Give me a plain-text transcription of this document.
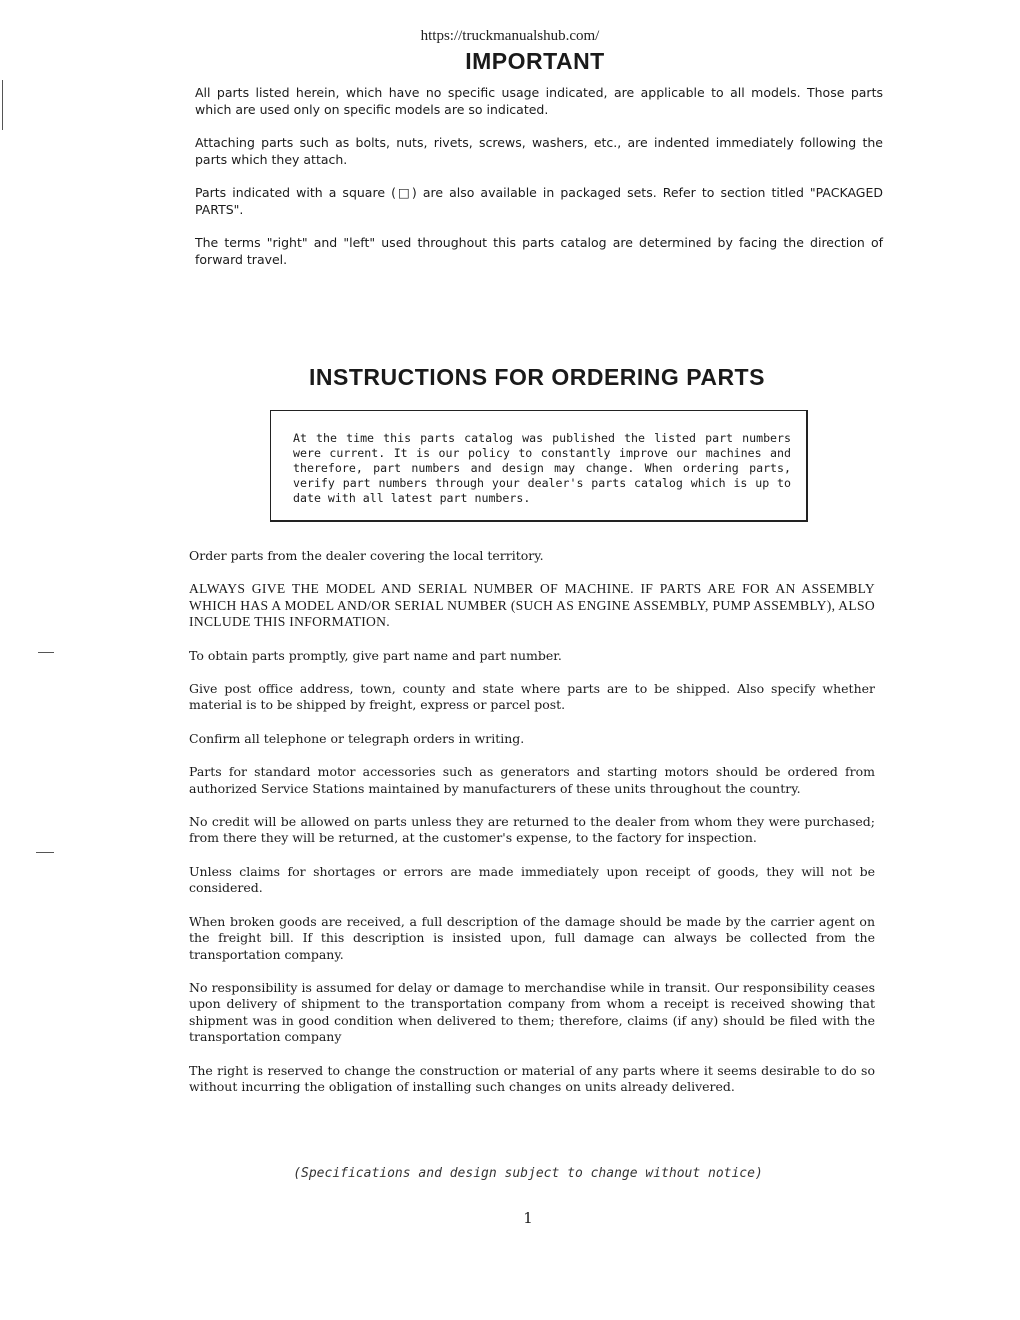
https://truckmanualshub.com/
IMPORTANT

All parts listed herein, which have no specific usage indicated, are applicable to all models. Those parts which are used only on specific models are so indicated.

Attaching parts such as bolts, nuts, rivets, screws, washers, etc., are indented immediately following the parts which they attach.

Parts indicated with a square (□) are also available in packaged sets. Refer to section titled "PACKAGED PARTS".

The terms "right" and "left" used throughout this parts catalog are determined by facing the direction of forward travel.

INSTRUCTIONS FOR ORDERING PARTS

At the time this parts catalog was published the listed part numbers were current. It is our policy to constantly improve our machines and therefore, part numbers and design may change. When ordering parts, verify part numbers through your dealer's parts catalog which is up to date with all latest part numbers.

Order parts from the dealer covering the local territory.

ALWAYS GIVE THE MODEL AND SERIAL NUMBER OF MACHINE. IF PARTS ARE FOR AN ASSEMBLY WHICH HAS A MODEL AND/OR SERIAL NUMBER (SUCH AS ENGINE ASSEMBLY, PUMP ASSEMBLY), ALSO INCLUDE THIS INFORMATION.

To obtain parts promptly, give part name and part number.

Give post office address, town, county and state where parts are to be shipped. Also specify whether material is to be shipped by freight, express or parcel post.

Confirm all telephone or telegraph orders in writing.

Parts for standard motor accessories such as generators and starting motors should be ordered from authorized Service Stations maintained by manufacturers of these units throughout the country.

No credit will be allowed on parts unless they are returned to the dealer from whom they were purchased; from there they will be returned, at the customer's expense, to the factory for inspection.

Unless claims for shortages or errors are made immediately upon receipt of goods, they will not be considered.

When broken goods are received, a full description of the damage should be made by the carrier agent on the freight bill. If this description is insisted upon, full damage can always be collected from the transportation company.

No responsibility is assumed for delay or damage to merchandise while in transit. Our responsibility ceases upon delivery of shipment to the transportation company from whom a receipt is received showing that shipment was in good condition when delivered to them; therefore, claims (if any) should be filed with the transportation company

The right is reserved to change the construction or material of any parts where it seems desirable to do so without incurring the obligation of installing such changes on units already delivered.

(Specifications and design subject to change without notice)

1
